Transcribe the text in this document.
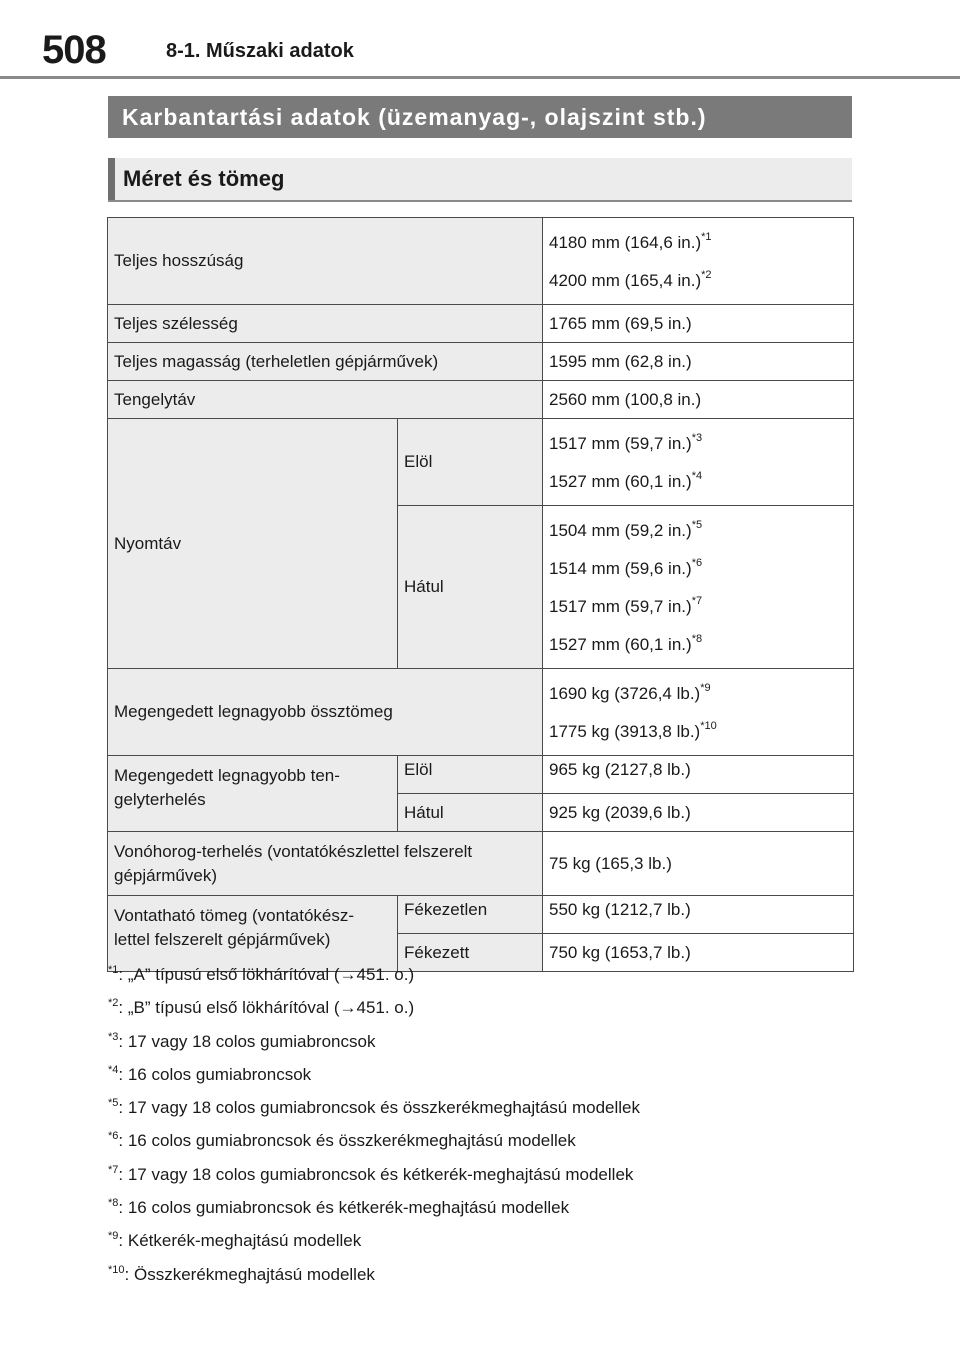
508	8-1. Műszaki adatok
Karbantartási adatok (üzemanyag-, olajszint stb.)
Méret és tömeg
Teljes hosszúság		4180 mm (164,6 in.)$^{*1}$
4200 mm (165,4 in.)$^{*2}$

Teljes szélesség		1765 mm (69,5 in.)
Teljes magasság (terheletlen gépjárművek)		1595 mm (62,8 in.)
Tengelytáv		2560 mm (100,8 in.)
Nyomtáv	Elöl	1517 mm (59,7 in.)$^{*3}$
1527 mm (60,1 in.)$^{*4}$

	Hátul	1504 mm (59,2 in.)$^{*5}$
1514 mm (59,6 in.)$^{*6}$
1517 mm (59,7 in.)$^{*7}$
1527 mm (60,1 in.)$^{*8}$

Megengedett legnagyobb össztömeg		1690 kg (3726,4 lb.)$^{*9}$
1775 kg (3913,8 lb.)$^{*10}$

Megengedett legnagyobb ten-
gelyterhelés	Elöl	965 kg (2127,8 lb.)
	Hátul	925 kg (2039,6 lb.)

Vonóhorog-terhelés (vontatókészlettel felszerelt
gépjárművek)		75 kg (165,3 lb.)

Vontatható tömeg (vontatókész-
lettel felszerelt gépjárművek)	Fékezetlen	550 kg (1212,7 lb.)
	Fékezett	750 kg (1653,7 lb.)
$^{*1}$: „A” típusú első lökhárítóval (→451. o.)
$^{*2}$: „B” típusú első lökhárítóval (→451. o.)
$^{*3}$: 17 vagy 18 colos gumiabroncsok
$^{*4}$: 16 colos gumiabroncsok
$^{*5}$: 17 vagy 18 colos gumiabroncsok és összkerékmeghajtású modellek
$^{*6}$: 16 colos gumiabroncsok és összkerékmeghajtású modellek
$^{*7}$: 17 vagy 18 colos gumiabroncsok és kétkerék-meghajtású modellek
$^{*8}$: 16 colos gumiabroncsok és kétkerék-meghajtású modellek
$^{*9}$: Kétkerék-meghajtású modellek
$^{*10}$: Összkerékmeghajtású modellek
